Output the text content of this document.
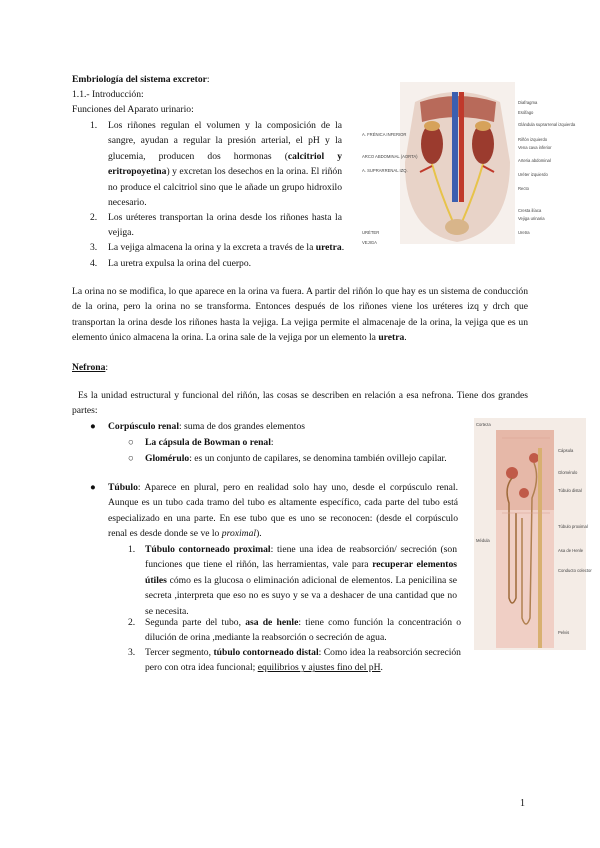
Embriología del sistema excretor:
1.1.- Introducción:
Funciones del Aparato urinario:
1. Los riñones regulan el volumen y la composición de la sangre, ayudan a regular la presión arterial, el pH y la glucemia, producen dos hormonas (calcitriol y eritropoyetina) y excretan los desechos en la orina. El riñón no produce el calcitriol sino que le añade un grupo hidroxilo necesario.
2. Los uréteres transportan la orina desde los riñones hasta la vejiga.
3. La vejiga almacena la orina y la excreta a través de la uretra.
4. La uretra expulsa la orina del cuerpo.
A. FRÉNICA INFERIOR
ARCO ABDOMINAL (AORTA)
A. SUPRARRENAL IZQ.
URÉTER
VEJIGA
Diafragma
Esófago
Glándula suprarrenal izquierda
Riñón izquierdo
Vena cava inferior
Arteria abdominal
Uréter izquierdo
Recto
Cresta ilíaca
Vejiga urinaria
Uretra
La orina no se modifica, lo que aparece en la orina va fuera. A partir del riñón lo que hay es un sistema de conducción de la orina, pero la orina no se transforma. Entonces después de los riñones viene los uréteres izq y drch que transportan la orina desde los riñones hasta la vejiga. La vejiga permite el almacenaje de la orina, la vejiga que es un elemento único almacena la orina. La orina sale de la vejiga por un elemento la uretra.
Nefrona:
Es la unidad estructural y funcional del riñón, las cosas se describen en relación a esa nefrona. Tiene dos grandes partes:
● Corpúsculo renal: suma de dos grandes elementos
○ La cápsula de Bowman o renal:
○ Glomérulo: es un conjunto de capilares, se denomina también ovillejo capilar.
● Túbulo: Aparece en plural, pero en realidad solo hay uno, desde el corpúsculo renal. Aunque es un tubo cada tramo del tubo es altamente específico, cada parte del tubo está especializado en una parte. En ese tubo que es uno se reconocen: (desde el corpúsculo renal es desde donde se ve lo proximal).
1. Túbulo contorneado proximal: tiene una idea de reabsorción/ secreción (son funciones que tiene el riñón, las herramientas, vale para recuperar elementos útiles cómo es la glucosa o eliminación adicional de elementos. La penicilina se secreta ,interpreta que eso no es suyo y se va a deshacer de una cantidad que no se necesita.
2. Segunda parte del tubo, asa de henle: tiene como función la concentración o dilución de orina ,mediante la reabsorción o secreción de agua.
3. Tercer segmento, túbulo contorneado distal: Como idea la reabsorción secreción pero con otra idea funcional; equilibrios y ajustes fino del pH.
Corteza
Médula
Cápsula
Glomérulo
Túbulo distal
Túbulo proximal
Asa de Henle
Conducto colector
Pelvis
1
